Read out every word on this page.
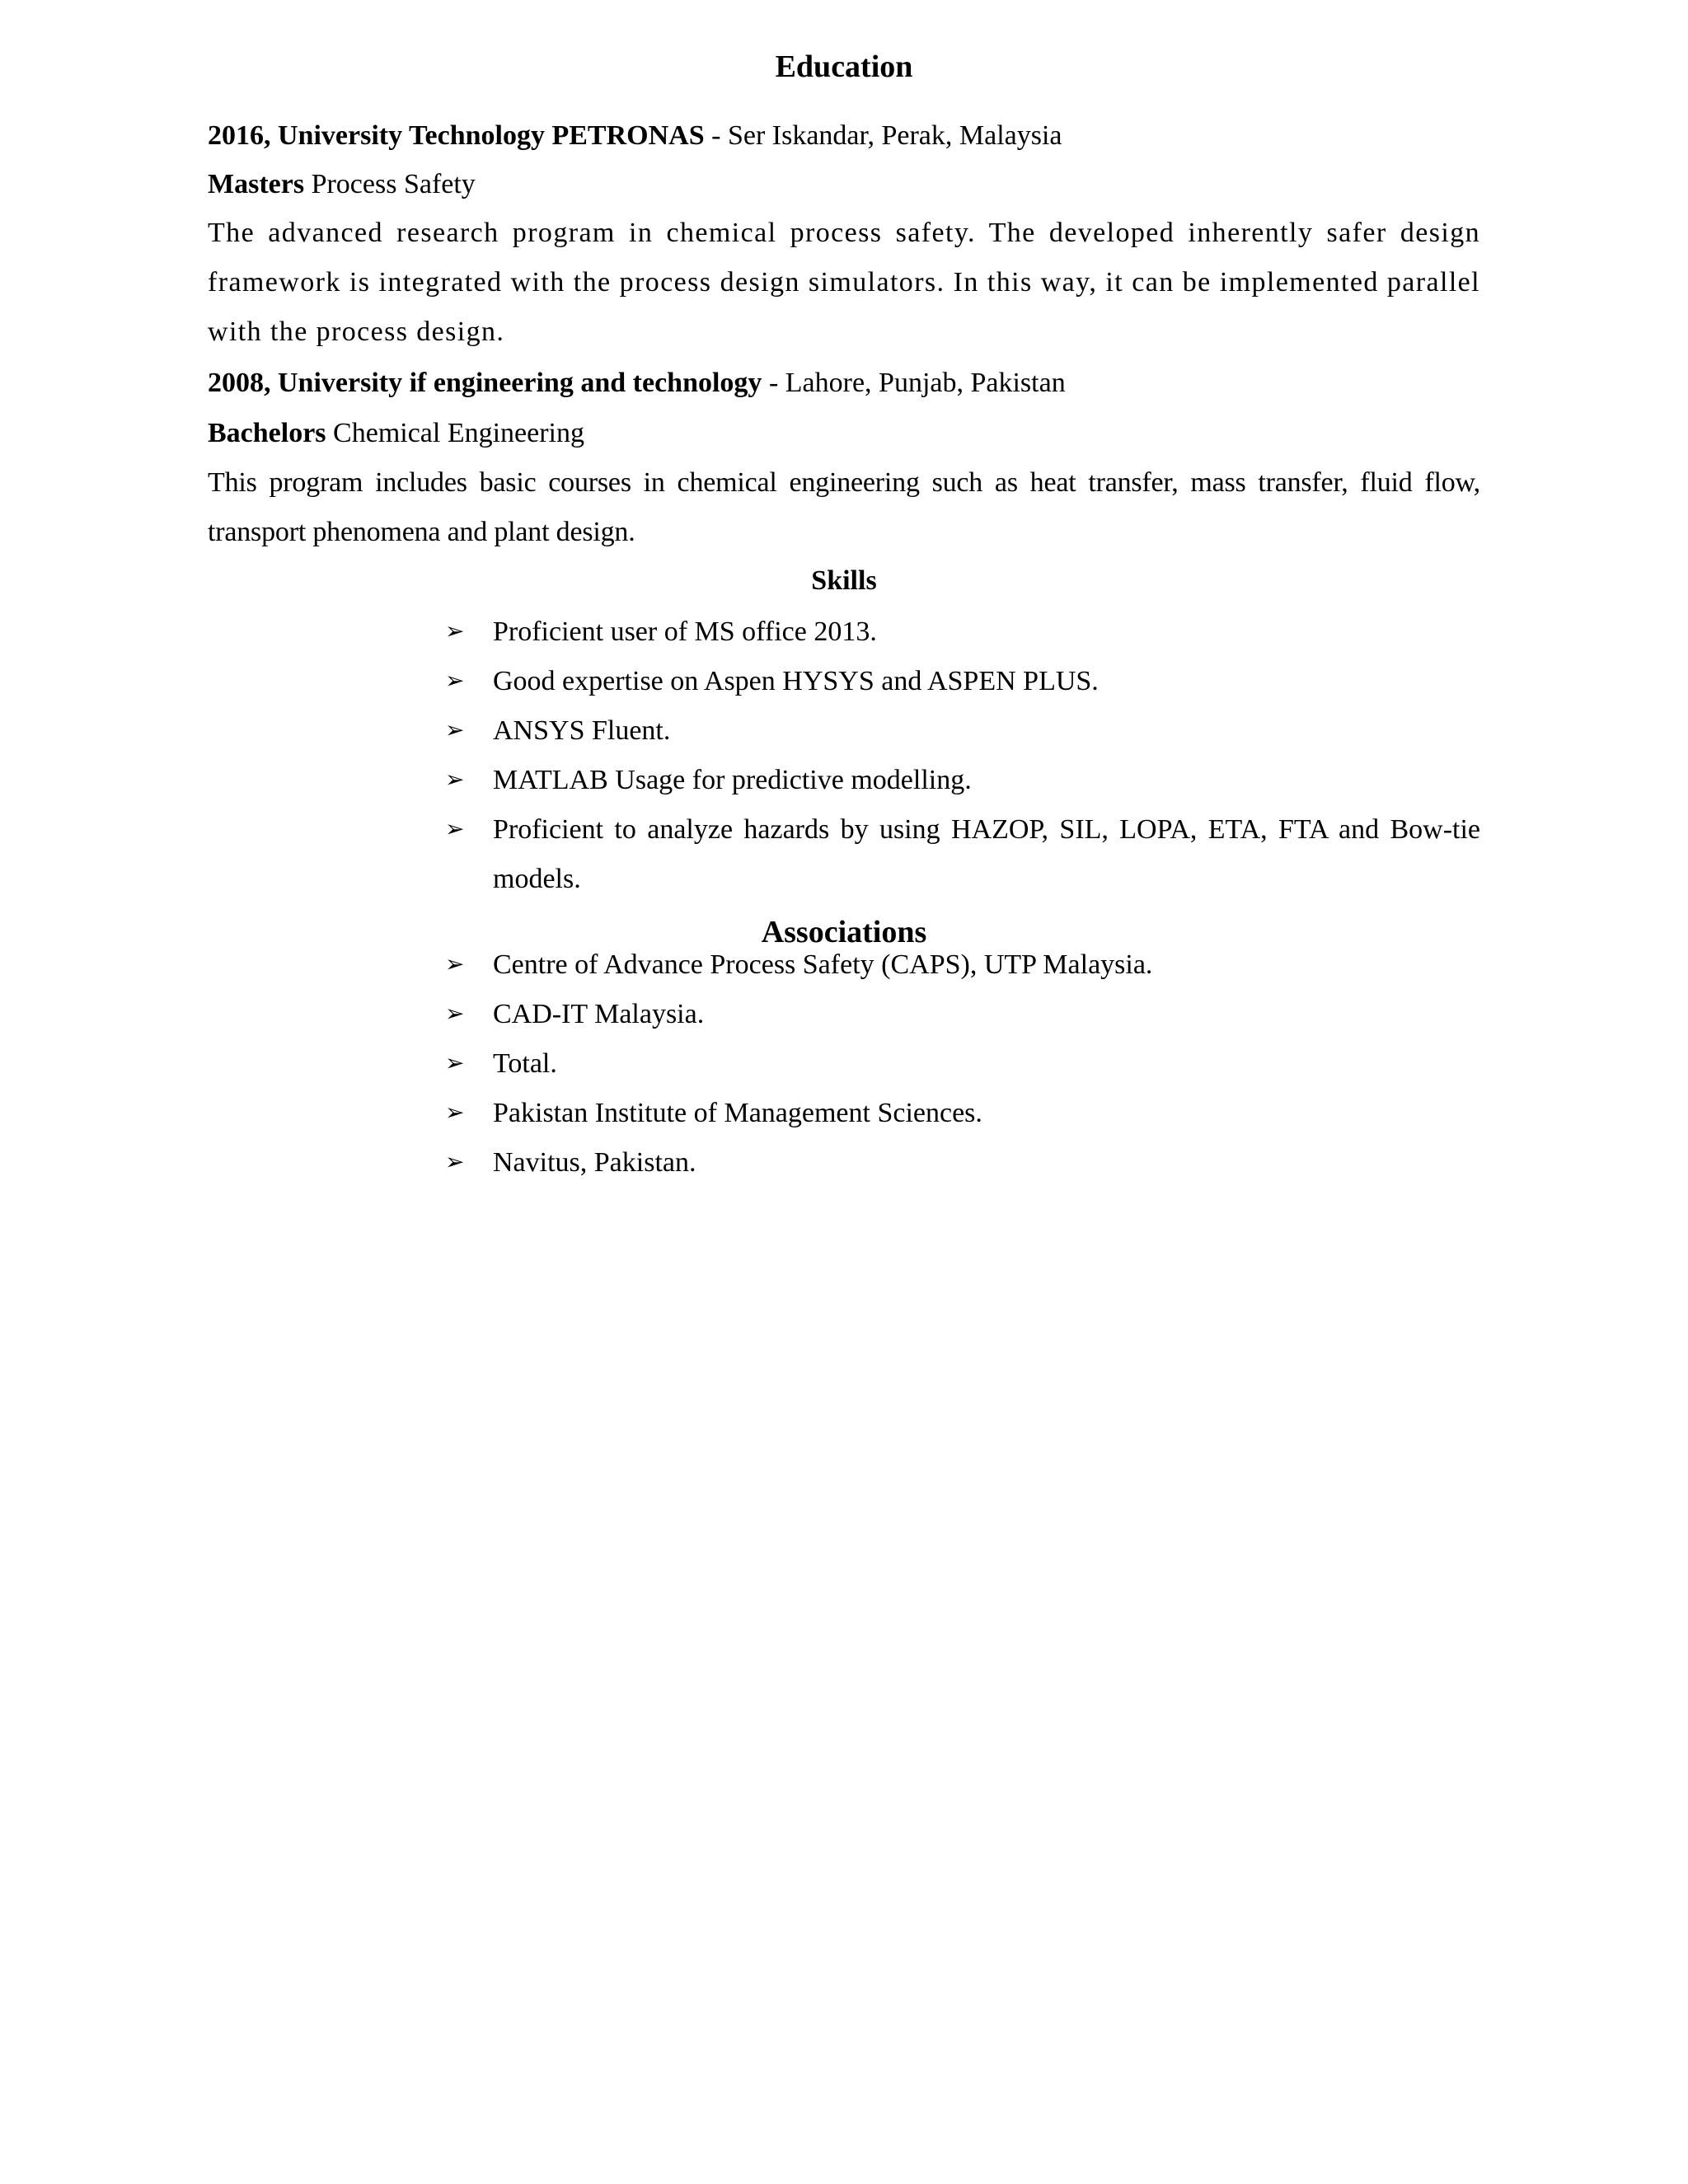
Education
2016, University Technology PETRONAS - Ser Iskandar, Perak, Malaysia
Masters Process Safety
The advanced research program in chemical process safety. The developed inherently safer design framework is integrated with the process design simulators. In this way, it can be implemented parallel with the process design.
2008, University if engineering and technology - Lahore, Punjab, Pakistan
Bachelors Chemical Engineering
This program includes basic courses in chemical engineering such as heat transfer, mass transfer, fluid flow, transport phenomena and plant design.
Skills
➢ Proficient user of MS office 2013.
➢ Good expertise on Aspen HYSYS and ASPEN PLUS.
➢ ANSYS Fluent.
➢ MATLAB Usage for predictive modelling.
➢ Proficient to analyze hazards by using HAZOP, SIL, LOPA, ETA, FTA and Bow-tie models.
Associations
➢ Centre of Advance Process Safety (CAPS), UTP Malaysia.
➢ CAD-IT Malaysia.
➢ Total.
➢ Pakistan Institute of Management Sciences.
➢ Navitus, Pakistan.
